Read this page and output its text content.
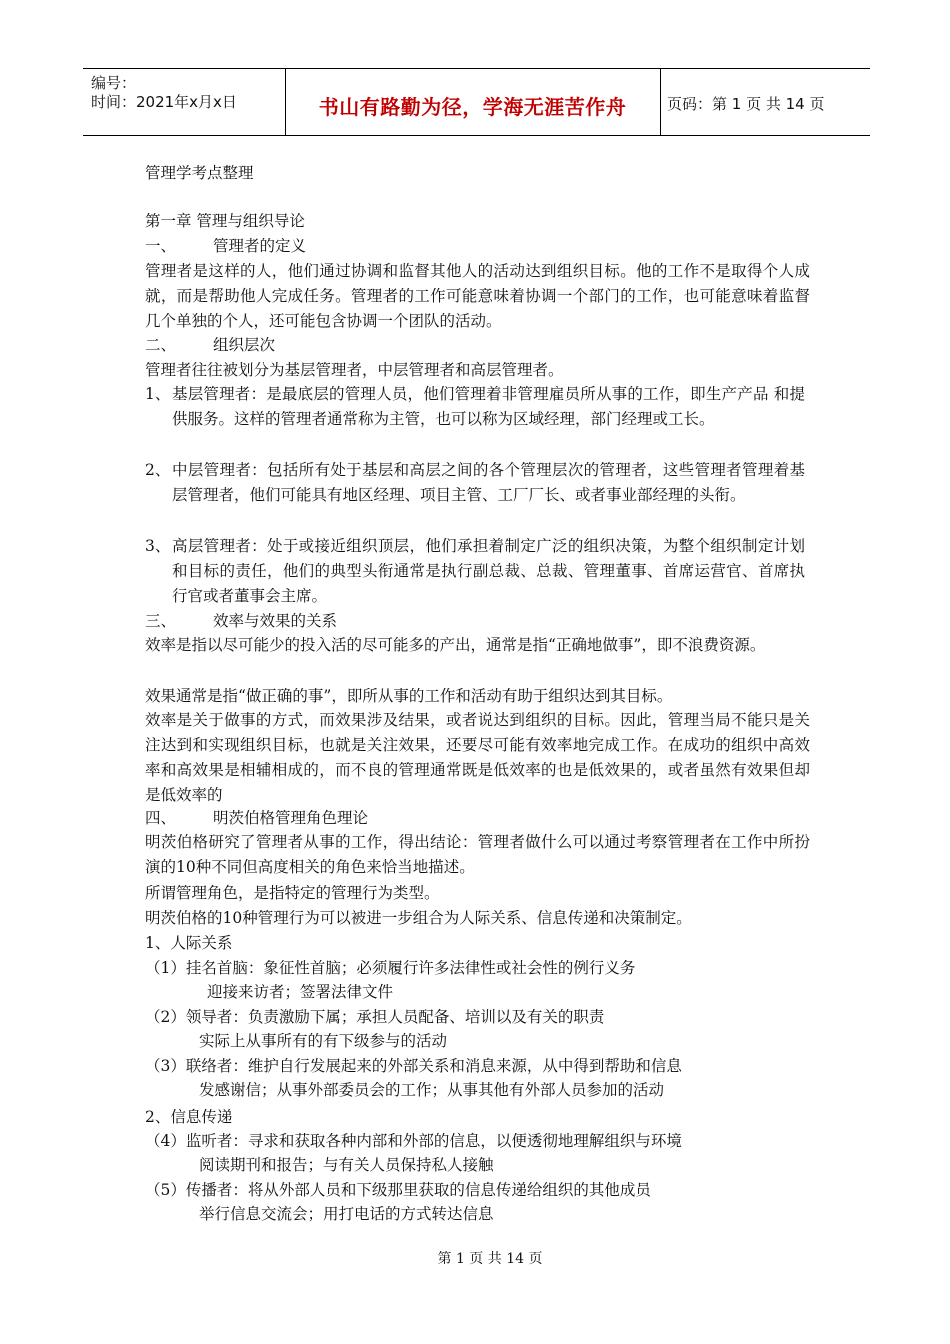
编号：
时间：2021年x月x日	书山有路勤为径，学海无涯苦作舟	页码：第 1 页 共 14 页
管理学考点整理
第一章 管理与组织导论
一、 管理者的定义
管理者是这样的人，他们通过协调和监督其他人的活动达到组织目标。他的工作不是取得个人成就，而是帮助他人完成任务。管理者的工作可能意味着协调一个部门的工作，也可能意味着监督几个单独的个人，还可能包含协调一个团队的活动。
二、 组织层次
管理者往往被划分为基层管理者，中层管理者和高层管理者。
1、 基层管理者：是最底层的管理人员，他们管理着非管理雇员所从事的工作，即生产产品 和提供服务。这样的管理者通常称为主管，也可以称为区域经理，部门经理或工长。
2、 中层管理者：包括所有处于基层和高层之间的各个管理层次的管理者，这些管理者管理着基层管理者，他们可能具有地区经理、项目主管、工厂厂长、或者事业部经理的头衔。
3、 高层管理者：处于或接近组织顶层，他们承担着制定广泛的组织决策，为整个组织制定计划和目标的责任，他们的典型头衔通常是执行副总裁、总裁、管理董事、首席运营官、首席执行官或者董事会主席。
三、 效率与效果的关系
效率是指以尽可能少的投入活的尽可能多的产出，通常是指“正确地做事”，即不浪费资源。
效果通常是指“做正确的事”，即所从事的工作和活动有助于组织达到其目标。
效率是关于做事的方式，而效果涉及结果，或者说达到组织的目标。因此，管理当局不能只是关注达到和实现组织目标，也就是关注效果，还要尽可能有效率地完成工作。在成功的组织中高效率和高效果是相辅相成的，而不良的管理通常既是低效率的也是低效果的，或者虽然有效果但却是低效率的
四、 明茨伯格管理角色理论
明茨伯格研究了管理者从事的工作，得出结论：管理者做什么可以通过考察管理者在工作中所扮演的10种不同但高度相关的角色来恰当地描述。
所谓管理角色，是指特定的管理行为类型。
明茨伯格的10种管理行为可以被进一步组合为人际关系、信息传递和决策制定。
1、人际关系
（1）挂名首脑：象征性首脑；必须履行许多法律性或社会性的例行义务
迎接来访者；签署法律文件
（2）领导者：负责激励下属；承担人员配备、培训以及有关的职责
实际上从事所有的有下级参与的活动
（3）联络者：维护自行发展起来的外部关系和消息来源，从中得到帮助和信息
发感谢信；从事外部委员会的工作；从事其他有外部人员参加的活动
2、信息传递
（4）监听者：寻求和获取各种内部和外部的信息，以便透彻地理解组织与环境
阅读期刊和报告；与有关人员保持私人接触
（5）传播者：将从外部人员和下级那里获取的信息传递给组织的其他成员
举行信息交流会；用打电话的方式转达信息
第 1 页 共 14 页
